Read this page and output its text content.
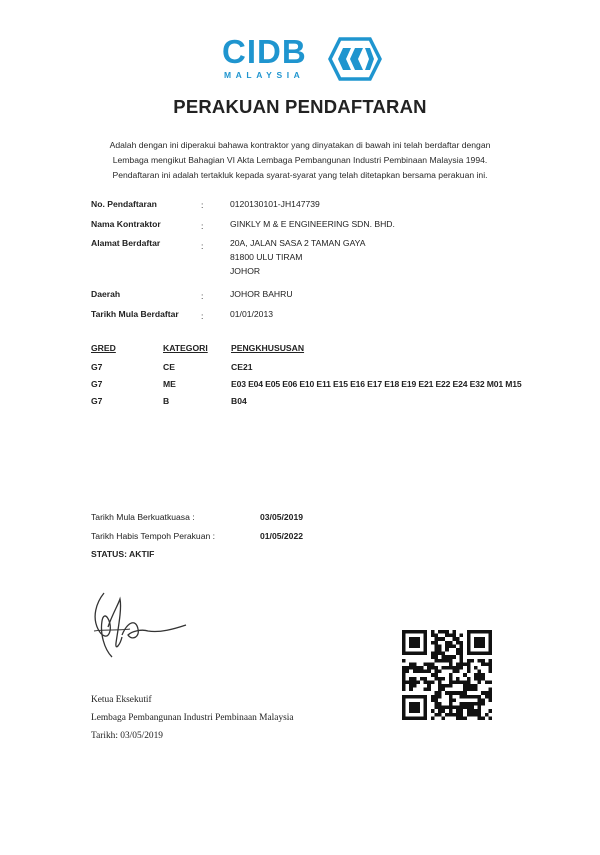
CIDB
MALAYSIA
PERAKUAN PENDAFTARAN
Adalah dengan ini diperakui bahawa kontraktor yang dinyatakan di bawah ini telah berdaftar dengan
Lembaga mengikut Bahagian VI Akta Lembaga Pembangunan Industri Pembinaan Malaysia 1994.
Pendaftaran ini adalah tertakluk kepada syarat-syarat yang telah ditetapkan bersama perakuan ini.
No. Pendaftaran	:	0120130101-JH147739
Nama Kontraktor	:	GINKLY M & E ENGINEERING SDN. BHD.
Alamat Berdaftar	:	20A, JALAN SASA 2 TAMAN GAYA
81800 ULU TIRAM
JOHOR
Daerah	:	JOHOR BAHRU
Tarikh Mula Berdaftar	:	01/01/2013
GRED	KATEGORI	PENGKHUSUSAN
G7	CE	CE21
G7	ME	E03 E04 E05 E06 E10 E11 E15 E16 E17 E18 E19 E21 E22 E24 E32 M01 M15
G7	B	B04
Tarikh Mula Berkuatkuasa :	03/05/2019
Tarikh Habis Tempoh Perakuan :	01/05/2022
STATUS: AKTIF
Ketua Eksekutif
Lembaga Pembangunan Industri Pembinaan Malaysia
Tarikh: 03/05/2019
